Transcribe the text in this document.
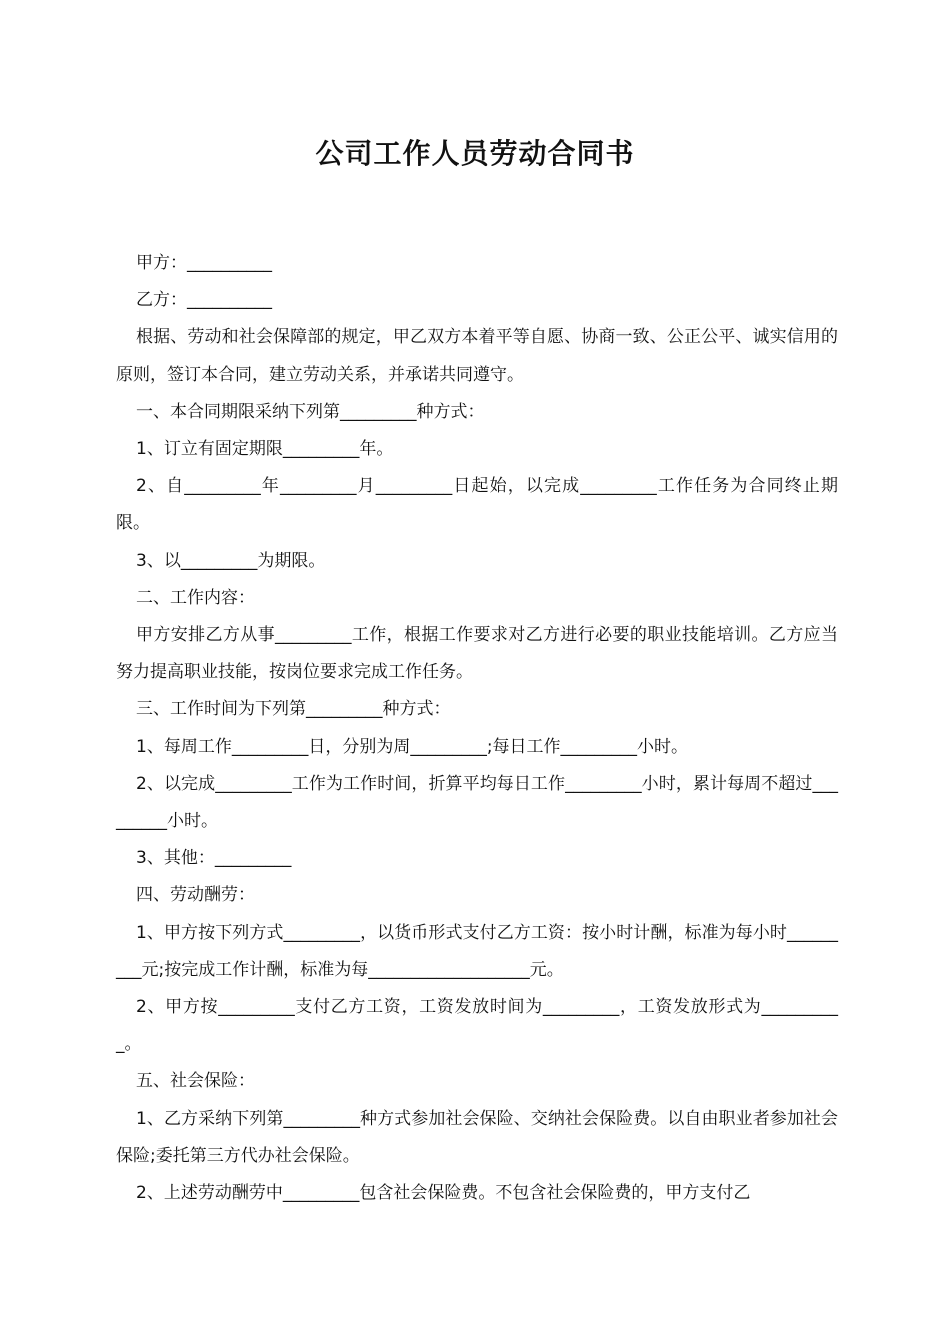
公司工作人员劳动合同书

甲方：__________

乙方：__________

根据、劳动和社会保障部的规定，甲乙双方本着平等自愿、协商一致、公正公平、诚实信用的原则，签订本合同，建立劳动关系，并承诺共同遵守。

一、本合同期限采纳下列第_________种方式：

1、订立有固定期限_________年。

2、自_________年_________月_________日起始，以完成_________工作任务为合同终止期限。

3、以_________为期限。

二、工作内容：

甲方安排乙方从事_________工作，根据工作要求对乙方进行必要的职业技能培训。乙方应当努力提高职业技能，按岗位要求完成工作任务。

三、工作时间为下列第_________种方式：

1、每周工作_________日，分别为周_________;每日工作_________小时。

2、以完成_________工作为工作时间，折算平均每日工作_________小时，累计每周不超过_________小时。

3、其他：_________

四、劳动酬劳：

1、甲方按下列方式_________，以货币形式支付乙方工资：按小时计酬，标准为每小时_________元;按完成工作计酬，标准为每___________________元。

2、甲方按_________支付乙方工资，工资发放时间为_________，工资发放形式为__________。

五、社会保险：

1、乙方采纳下列第_________种方式参加社会保险、交纳社会保险费。以自由职业者参加社会保险;委托第三方代办社会保险。

2、上述劳动酬劳中_________包含社会保险费。不包含社会保险费的，甲方支付乙
